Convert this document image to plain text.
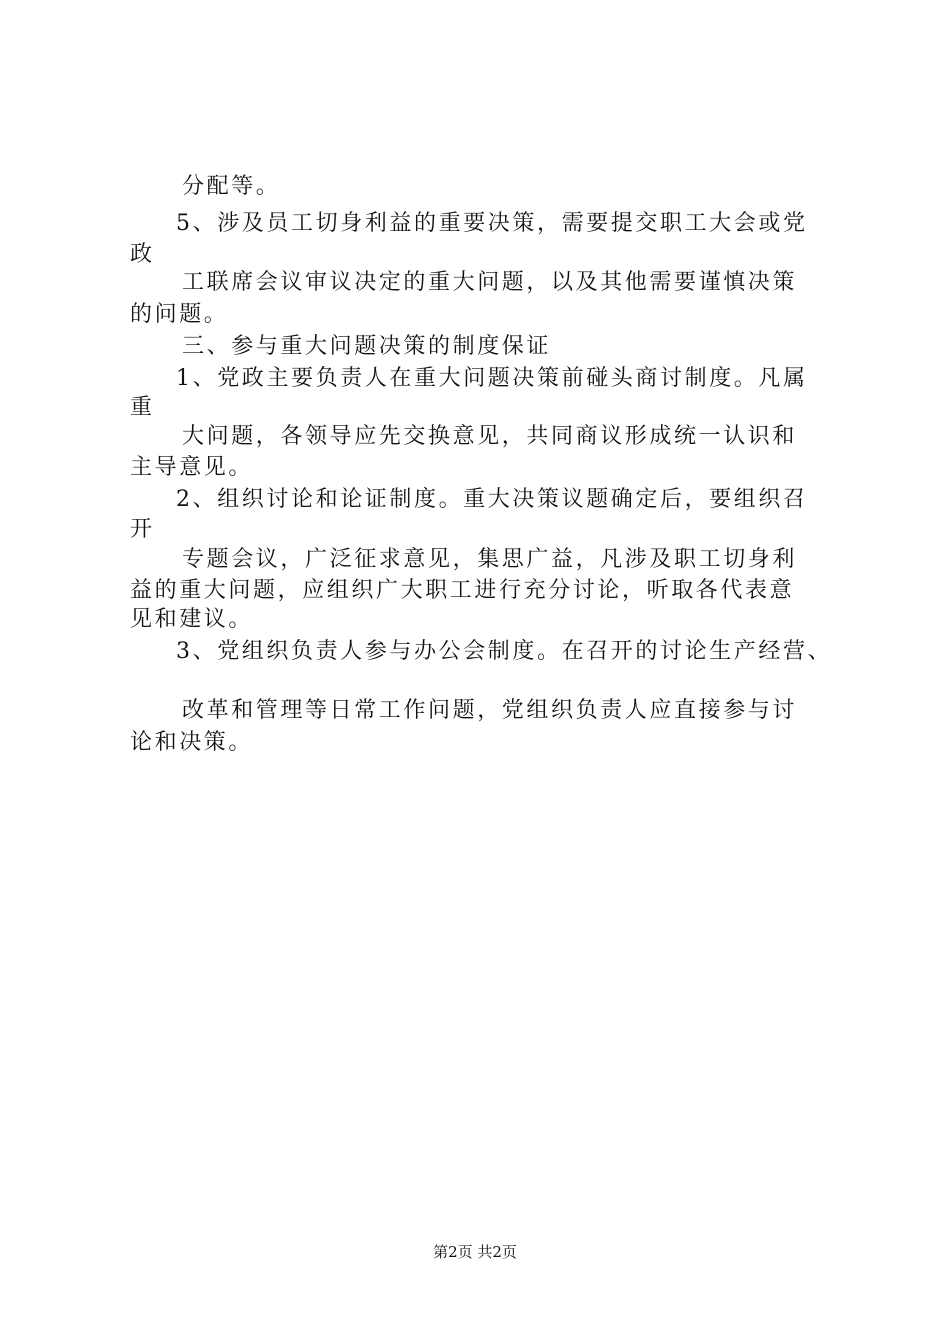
分配等。
5、涉及员工切身利益的重要决策，需要提交职工大会或党
政
工联席会议审议决定的重大问题，以及其他需要谨慎决策
的问题。
三、参与重大问题决策的制度保证
1、党政主要负责人在重大问题决策前碰头商讨制度。凡属
重
大问题，各领导应先交换意见，共同商议形成统一认识和
主导意见。
2、组织讨论和论证制度。重大决策议题确定后，要组织召
开
专题会议，广泛征求意见，集思广益，凡涉及职工切身利
益的重大问题，应组织广大职工进行充分讨论，听取各代表意
见和建议。
3、党组织负责人参与办公会制度。在召开的讨论生产经营、
改革和管理等日常工作问题，党组织负责人应直接参与讨
论和决策。
第2页 共2页
